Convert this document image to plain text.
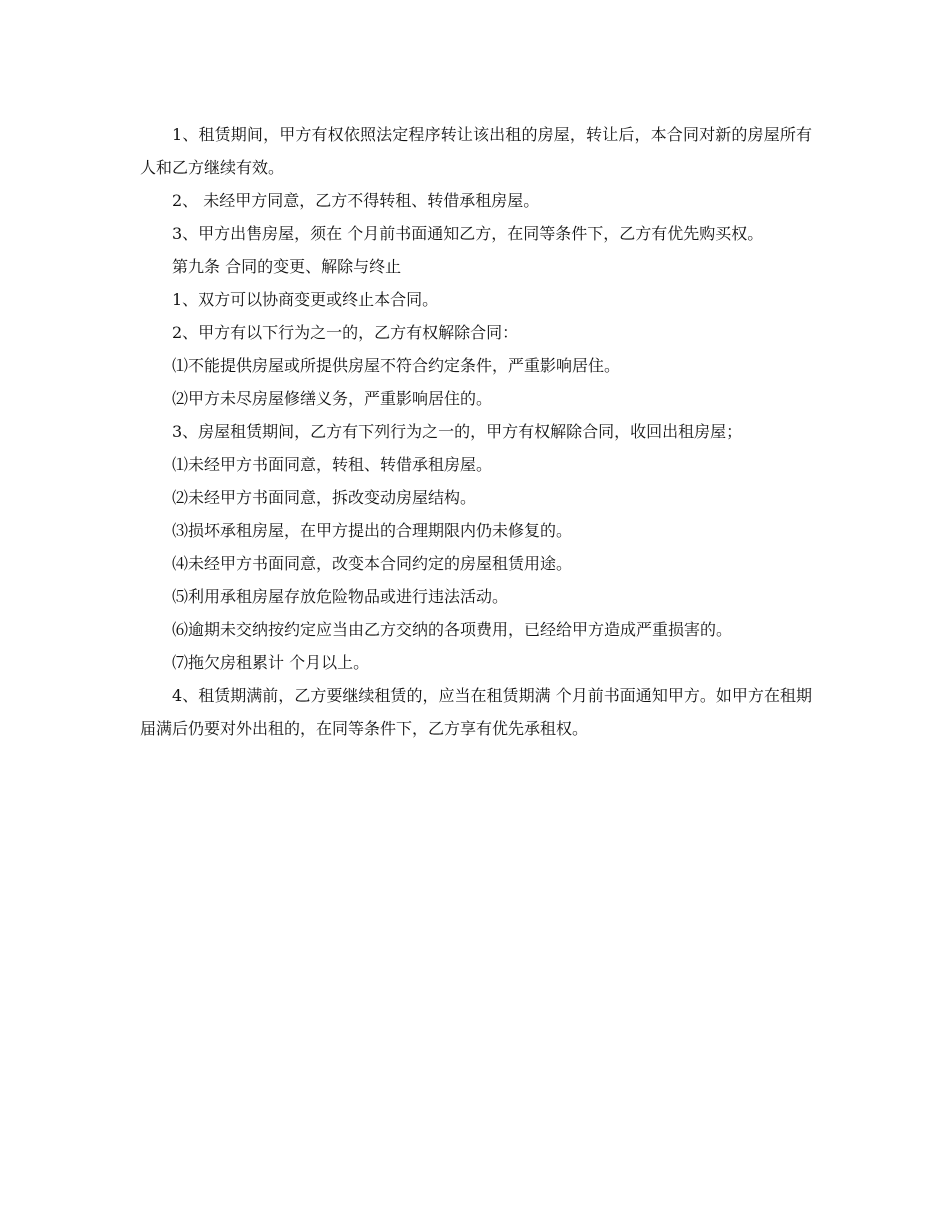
1、租赁期间，甲方有权依照法定程序转让该出租的房屋，转让后，本合同对新的房屋所有人和乙方继续有效。

2、 未经甲方同意，乙方不得转租、转借承租房屋。

3、甲方出售房屋，须在 个月前书面通知乙方，在同等条件下，乙方有优先购买权。

第九条 合同的变更、解除与终止

1、双方可以协商变更或终止本合同。

2、甲方有以下行为之一的，乙方有权解除合同：

⑴不能提供房屋或所提供房屋不符合约定条件，严重影响居住。

⑵甲方未尽房屋修缮义务，严重影响居住的。

3、房屋租赁期间，乙方有下列行为之一的，甲方有权解除合同，收回出租房屋；

⑴未经甲方书面同意，转租、转借承租房屋。

⑵未经甲方书面同意，拆改变动房屋结构。

⑶损坏承租房屋，在甲方提出的合理期限内仍未修复的。

⑷未经甲方书面同意，改变本合同约定的房屋租赁用途。

⑸利用承租房屋存放危险物品或进行违法活动。

⑹逾期未交纳按约定应当由乙方交纳的各项费用，已经给甲方造成严重损害的。

⑺拖欠房租累计 个月以上。

4、租赁期满前，乙方要继续租赁的，应当在租赁期满 个月前书面通知甲方。如甲方在租期届满后仍要对外出租的，在同等条件下，乙方享有优先承租权。
